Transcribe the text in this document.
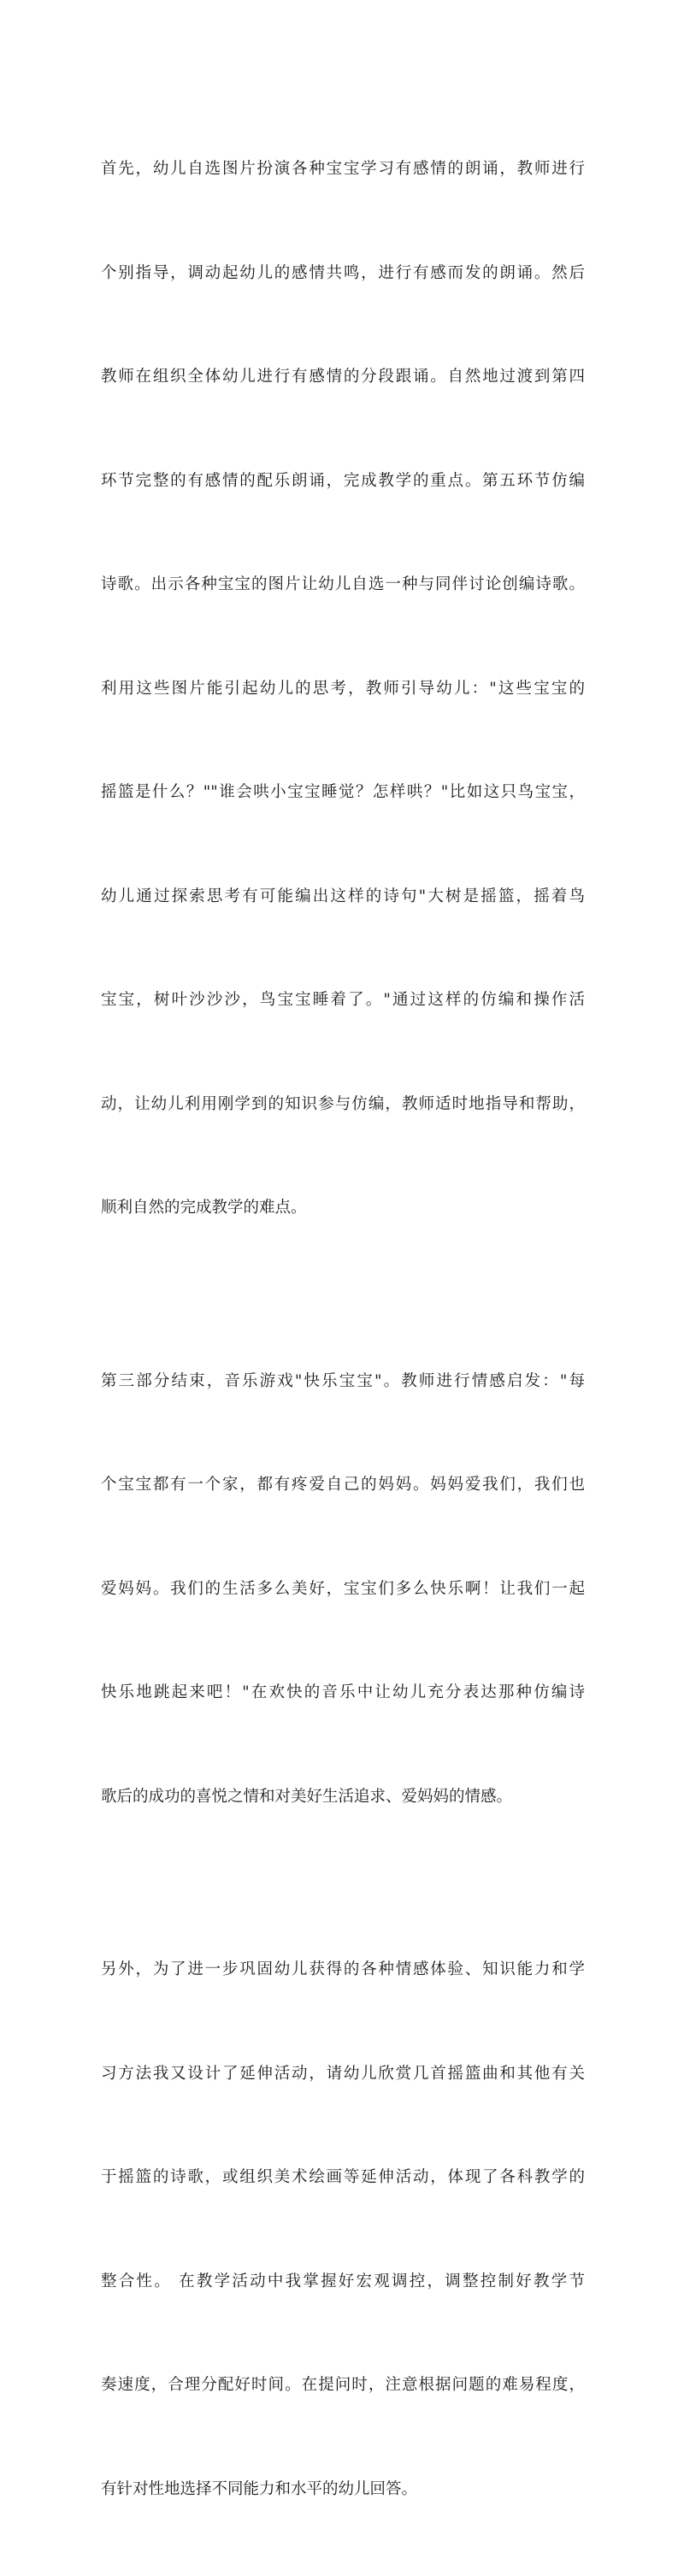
首先，幼儿自选图片扮演各种宝宝学习有感情的朗诵，教师进行

个别指导，调动起幼儿的感情共鸣，进行有感而发的朗诵。然后

教师在组织全体幼儿进行有感情的分段跟诵。自然地过渡到第四

环节完整的有感情的配乐朗诵，完成教学的重点。第五环节仿编

诗歌。出示各种宝宝的图片让幼儿自选一种与同伴讨论创编诗歌。

利用这些图片能引起幼儿的思考，教师引导幼儿："这些宝宝的

摇篮是什么？""谁会哄小宝宝睡觉？怎样哄？"比如这只鸟宝宝，

幼儿通过探索思考有可能编出这样的诗句"大树是摇篮，摇着鸟

宝宝，树叶沙沙沙，鸟宝宝睡着了。"通过这样的仿编和操作活

动，让幼儿利用刚学到的知识参与仿编，教师适时地指导和帮助，

顺利自然的完成教学的难点。

第三部分结束，音乐游戏"快乐宝宝"。教师进行情感启发："每

个宝宝都有一个家，都有疼爱自己的妈妈。妈妈爱我们，我们也

爱妈妈。我们的生活多么美好，宝宝们多么快乐啊！让我们一起

快乐地跳起来吧！"在欢快的音乐中让幼儿充分表达那种仿编诗

歌后的成功的喜悦之情和对美好生活追求、爱妈妈的情感。

另外，为了进一步巩固幼儿获得的各种情感体验、知识能力和学

习方法我又设计了延伸活动，请幼儿欣赏几首摇篮曲和其他有关

于摇篮的诗歌，或组织美术绘画等延伸活动，体现了各科教学的

整合性。 在教学活动中我掌握好宏观调控，调整控制好教学节

奏速度，合理分配好时间。在提问时，注意根据问题的难易程度，

有针对性地选择不同能力和水平的幼儿回答。
